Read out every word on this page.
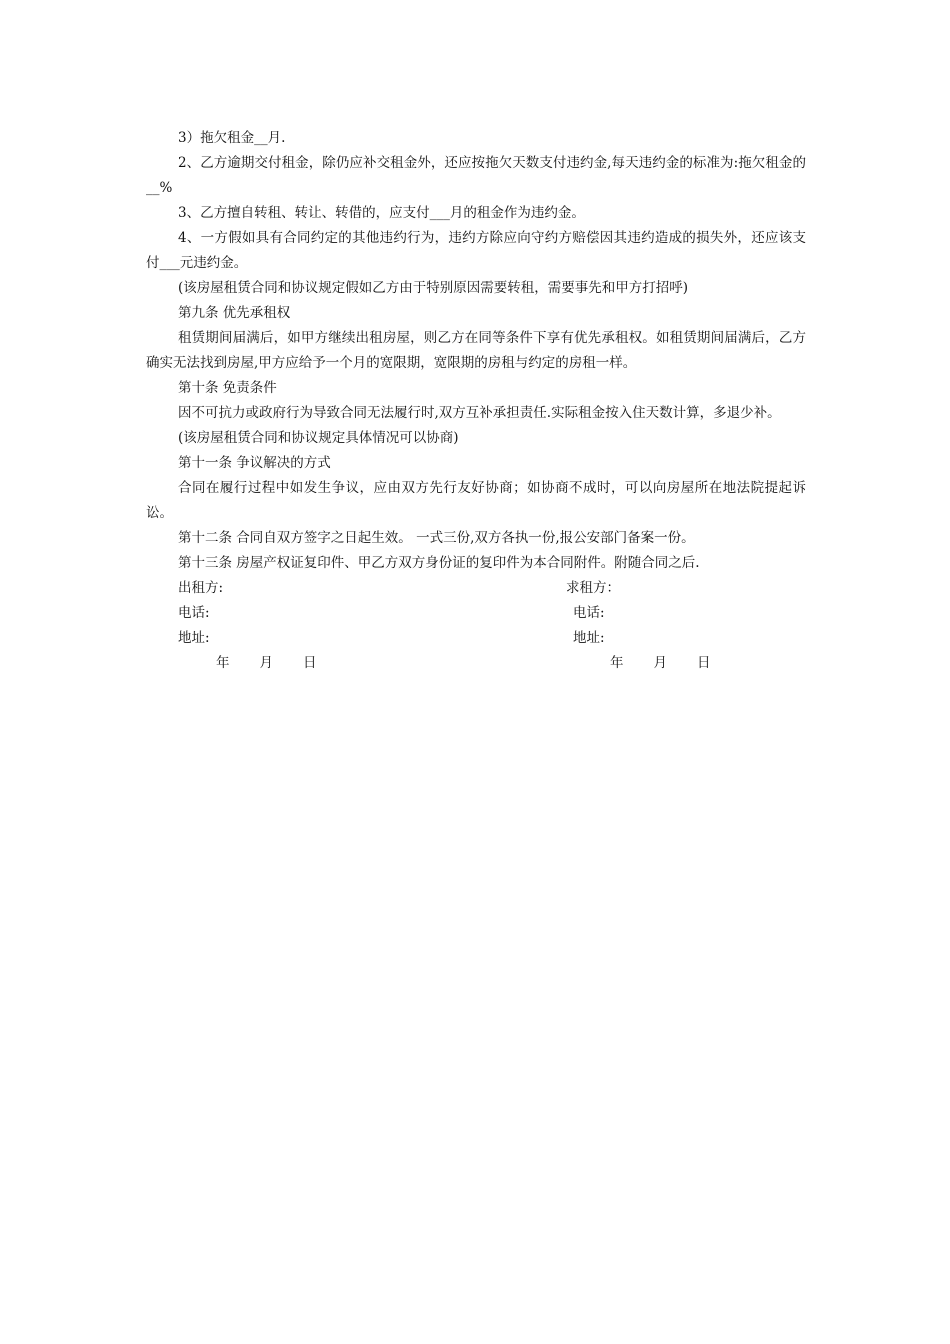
3）拖欠租金__月.

2、乙方逾期交付租金，除仍应补交租金外，还应按拖欠天数支付违约金,每天违约金的标准为:拖欠租金的__%

3、乙方擅自转租、转让、转借的，应支付___月的租金作为违约金。

4、一方假如具有合同约定的其他违约行为，违约方除应向守约方赔偿因其违约造成的损失外，还应该支付___元违约金。

(该房屋租赁合同和协议规定假如乙方由于特别原因需要转租，需要事先和甲方打招呼)

第九条 优先承租权

租赁期间届满后，如甲方继续出租房屋，则乙方在同等条件下享有优先承租权。如租赁期间届满后，乙方确实无法找到房屋,甲方应给予一个月的宽限期，宽限期的房租与约定的房租一样。

第十条 免责条件

因不可抗力或政府行为导致合同无法履行时,双方互补承担责任.实际租金按入住天数计算，多退少补。

(该房屋租赁合同和协议规定具体情况可以协商)

第十一条 争议解决的方式

合同在履行过程中如发生争议，应由双方先行友好协商；如协商不成时，可以向房屋所在地法院提起诉讼。

第十二条 合同自双方签字之日起生效。 一式三份,双方各执一份,报公安部门备案一份。

第十三条 房屋产权证复印件、甲乙方双方身份证的复印件为本合同附件。附随合同之后.

出租方:	求租方：
电话:	电话:
地址:	地址:
年 月 日	年 月 日
